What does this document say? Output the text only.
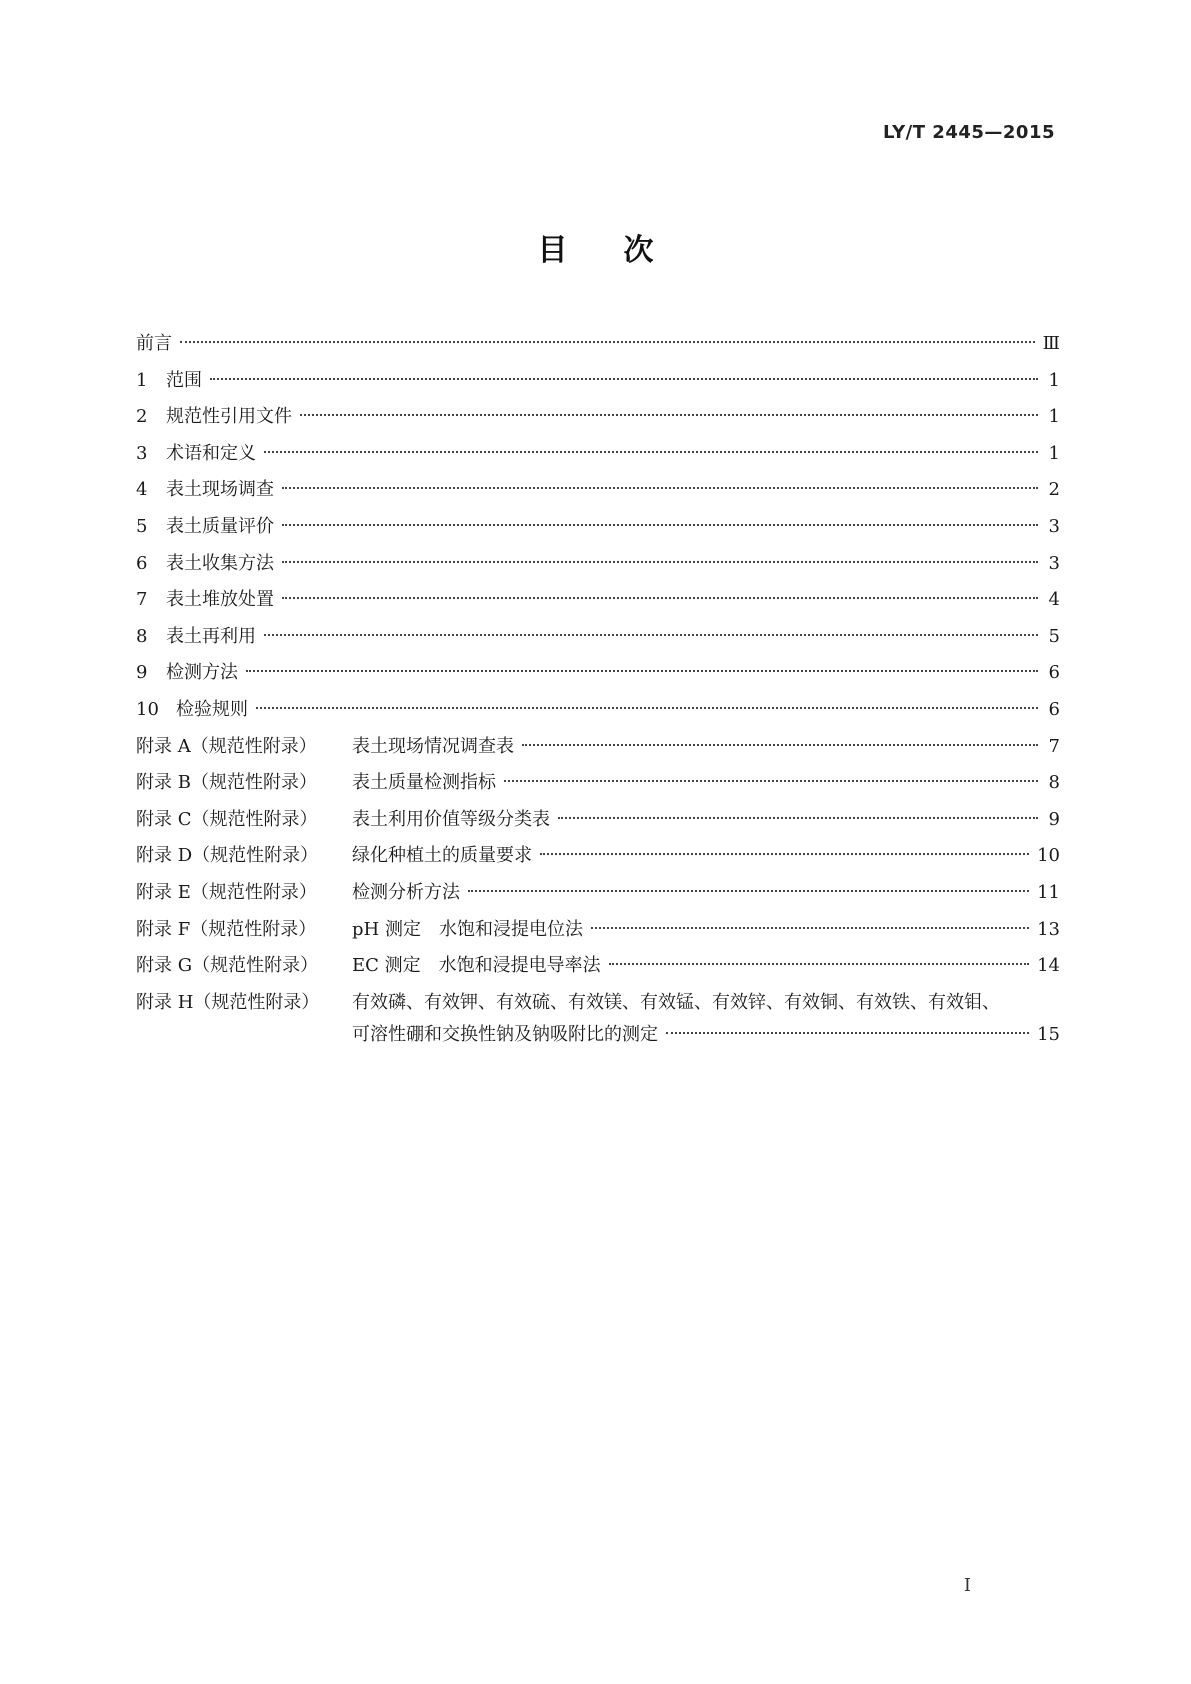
LY/T 2445—2015
目次
前言	Ⅲ
1 范围	1
2 规范性引用文件	1
3 术语和定义	1
4 表土现场调查	2
5 表土质量评价	3
6 表土收集方法	3
7 表土堆放处置	4
8 表土再利用	5
9 检测方法	6
10 检验规则	6
附录 A（规范性附录） 表土现场情况调查表	7
附录 B（规范性附录） 表土质量检测指标	8
附录 C（规范性附录） 表土利用价值等级分类表	9
附录 D（规范性附录） 绿化种植土的质量要求	10
附录 E（规范性附录） 检测分析方法	11
附录 F（规范性附录） pH 测定　水饱和浸提电位法	13
附录 G（规范性附录） EC 测定　水饱和浸提电导率法	14
附录 H（规范性附录）	有效磷、有效钾、有效硫、有效镁、有效锰、有效锌、有效铜、有效铁、有效钼、
可溶性硼和交换性钠及钠吸附比的测定	15
I
